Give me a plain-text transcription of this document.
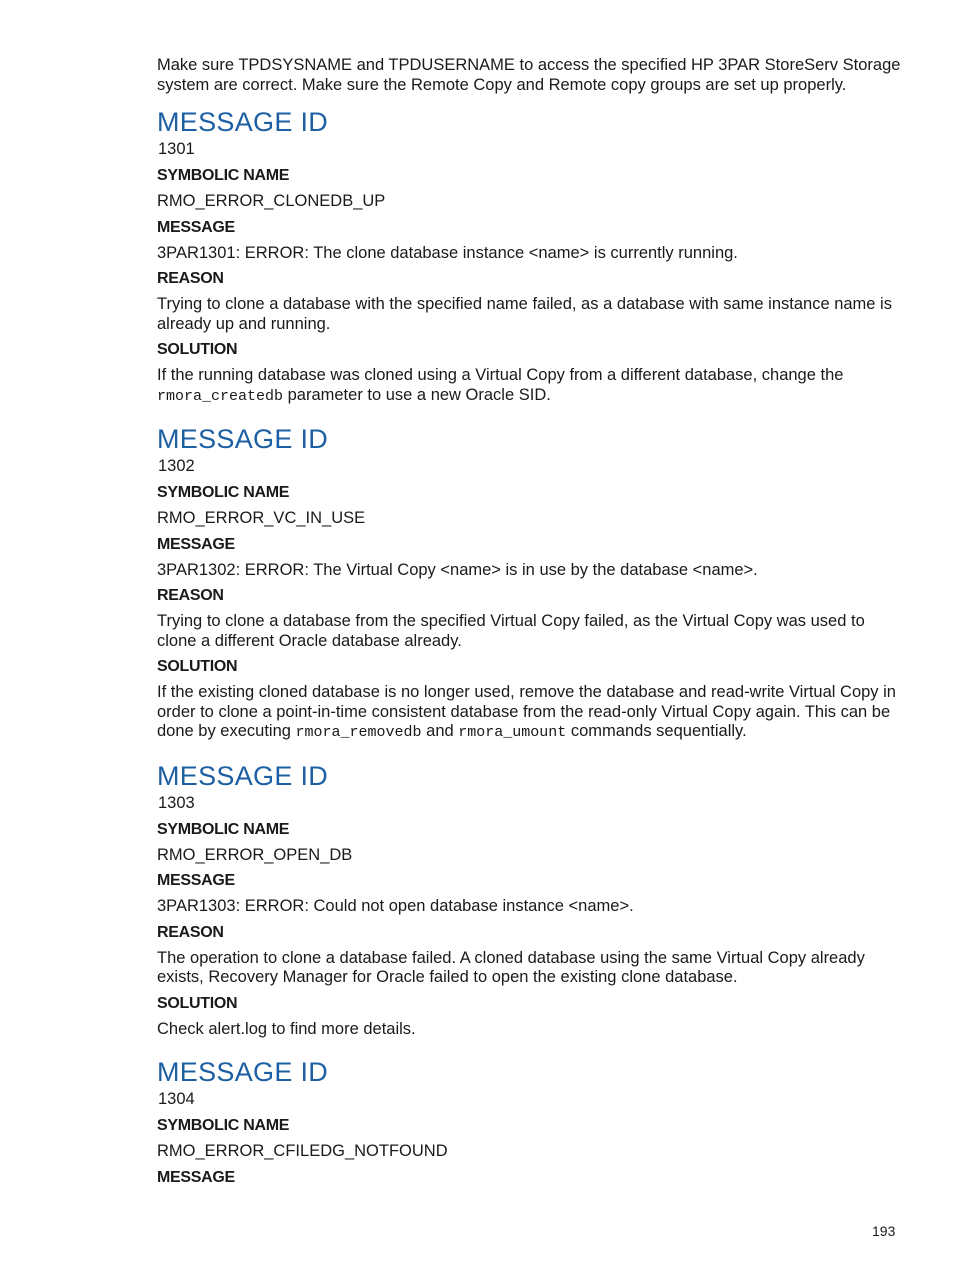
Make sure TPDSYSNAME and TPDUSERNAME to access the specified HP 3PAR StoreServ Storage system are correct. Make sure the Remote Copy and Remote copy groups are set up properly.

MESSAGE ID
1301
SYMBOLIC NAME
RMO_ERROR_CLONEDB_UP
MESSAGE
3PAR1301: ERROR: The clone database instance <name> is currently running.
REASON
Trying to clone a database with the specified name failed, as a database with same instance name is already up and running.
SOLUTION
If the running database was cloned using a Virtual Copy from a different database, change the rmora_createdb parameter to use a new Oracle SID.
MESSAGE ID
1302
SYMBOLIC NAME
RMO_ERROR_VC_IN_USE
MESSAGE
3PAR1302: ERROR: The Virtual Copy <name> is in use by the database <name>.
REASON
Trying to clone a database from the specified Virtual Copy failed, as the Virtual Copy was used to clone a different Oracle database already.
SOLUTION
If the existing cloned database is no longer used, remove the database and read-write Virtual Copy in order to clone a point-in-time consistent database from the read-only Virtual Copy again. This can be done by executing rmora_removedb and rmora_umount commands sequentially.
MESSAGE ID
1303
SYMBOLIC NAME
RMO_ERROR_OPEN_DB
MESSAGE
3PAR1303: ERROR: Could not open database instance <name>.
REASON
The operation to clone a database failed. A cloned database using the same Virtual Copy already exists, Recovery Manager for Oracle failed to open the existing clone database.
SOLUTION
Check alert.log to find more details.
MESSAGE ID
1304
SYMBOLIC NAME
RMO_ERROR_CFILEDG_NOTFOUND
MESSAGE
193
